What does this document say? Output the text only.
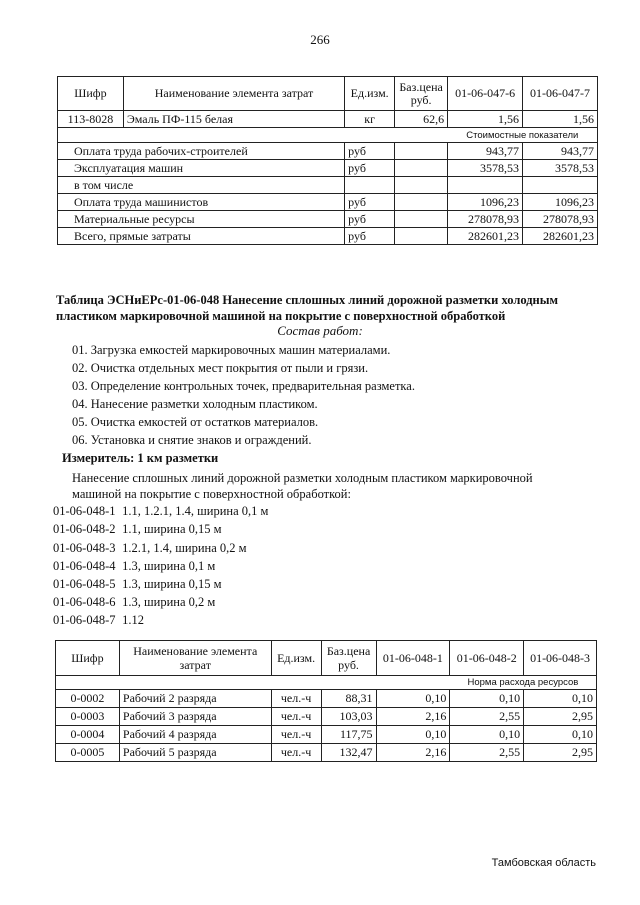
266
Шифр	Наименование элемента затрат	Ед.изм.	Баз.цена руб.	01-06-047-6	01-06-047-7
113-8028	Эмаль ПФ-115 белая	кг	62,6	1,56	1,56
				Стоимостные показатели	
Оплата труда рабочих-строителей		руб		943,77	943,77
Эксплуатация машин		руб		3578,53	3578,53
в том числе					
Оплата труда машинистов		руб		1096,23	1096,23
Материальные ресурсы		руб		278078,93	278078,93
Всего, прямые затраты		руб		282601,23	282601,23
Таблица ЭСНиЕРс-01-06-048 Нанесение сплошных линий дорожной разметки холодным
пластиком маркировочной машиной на покрытие с поверхностной обработкой
Состав работ:
01. Загрузка емкостей маркировочных машин материалами.
02. Очистка отдельных мест покрытия от пыли и грязи.
03. Определение контрольных точек, предварительная разметка.
04. Нанесение разметки холодным пластиком.
05. Очистка емкостей от остатков материалов.
06. Установка и снятие знаков и ограждений.
Измеритель: 1 км разметки
Нанесение сплошных линий дорожной разметки холодным пластиком маркировочной машиной на покрытие с поверхностной обработкой:
01-06-048-1 1.1, 1.2.1, 1.4, ширина 0,1 м
01-06-048-2 1.1, ширина 0,15 м
01-06-048-3 1.2.1, 1.4, ширина 0,2 м
01-06-048-4 1.3, ширина 0,1 м
01-06-048-5 1.3, ширина 0,15 м
01-06-048-6 1.3, ширина 0,2 м
01-06-048-7 1.12
Шифр	Наименование элемента затрат	Ед.изм.	Баз.цена руб.	01-06-048-1	01-06-048-2	01-06-048-3
					Норма расхода ресурсов	
0-0002	Рабочий 2 разряда	чел.-ч	88,31	0,10	0,10	0,10
0-0003	Рабочий 3 разряда	чел.-ч	103,03	2,16	2,55	2,95
0-0004	Рабочий 4 разряда	чел.-ч	117,75	0,10	0,10	0,10
0-0005	Рабочий 5 разряда	чел.-ч	132,47	2,16	2,55	2,95
Тамбовская область
